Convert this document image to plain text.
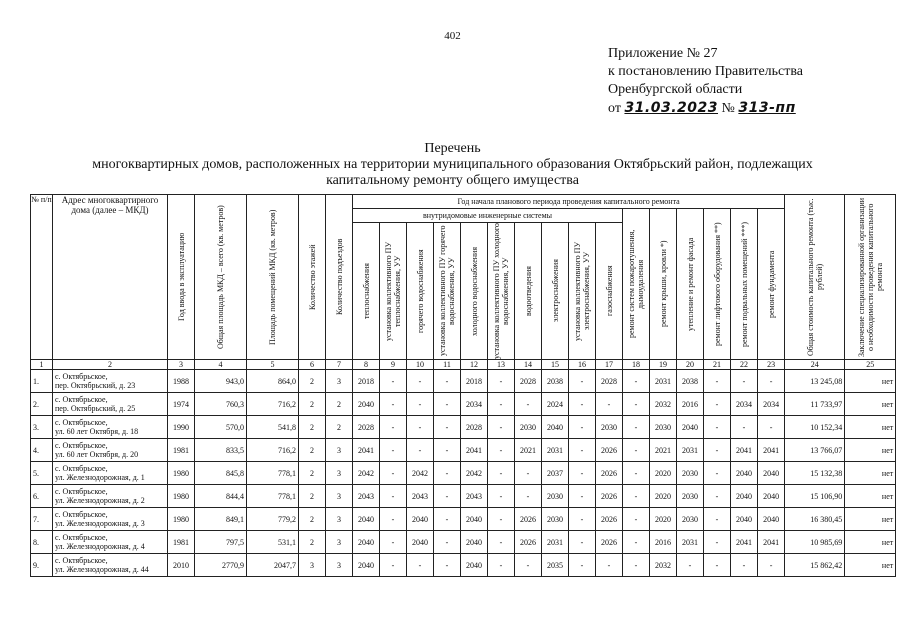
402
Приложение № 27
к постановлению Правительства
Оренбургской области
от 31.03.2023 № 313-пп
Перечень
многоквартирных домов, расположенных на территории муниципального образования Октябрьский район, подлежащих
капитальному ремонту общего имущества
№ п/п	Адрес многоквартирного дома (далее – МКД)	Год ввода в эксплуатацию	Общая площадь МКД – всего (кв. метров)	Площадь помещений МКД (кв. метров)	Количество этажей	Количество подъездов	Год начала планового периода проведения капитального ремонта																Общая стоимость капитального ремонта (тыс. рублей)	Заключение специализированной организации о необходимости проведения капитального ремонта

							внутридомовые инженерные системы										ремонт систем пожаротушения, дымоудаления	ремонт крыши, кровли *)	утепление и ремонт фасада	ремонт лифтового оборудования **)	ремонт подвальных помещений ***)	ремонт фундамента		

							теплоснабжения	установка коллективного ПУ теплоснабжения, УУ	горячего водоснабжения	установка коллективного ПУ горячего водоснабжения, УУ	холодного водоснабжения	установка коллективного ПУ холодного водоснабжения, УУ	водоотведения	электроснабжения	установка коллективного ПУ электроснабжения, УУ	газоснабжения								

1	2	3	4	5	6	7	8	9	10	11	12	13	14	15	16	17	18	19	20	21	22	23	24	25
1.	с. Октябрьское,
пер. Октябрьский, д. 23	1988	943,0	864,0	2	3	2018	-	-	-	2018	-	2028	2038	-	2028	-	2031	2038	-	-	-	13 245,08	нет
2.	с. Октябрьское,
пер. Октябрьский, д. 25	1974	760,3	716,2	2	2	2040	-	-	-	2034	-	-	2024	-	-	-	2032	2016	-	2034	2034	11 733,97	нет
3.	с. Октябрьское,
ул. 60 лет Октября, д. 18	1990	570,0	541,8	2	2	2028	-	-	-	2028	-	2030	2040	-	2030	-	2030	2040	-	-	-	10 152,34	нет
4.	с. Октябрьское,
ул. 60 лет Октября, д. 20	1981	833,5	716,2	2	3	2041	-	-	-	2041	-	2021	2031	-	2026	-	2021	2031	-	2041	2041	13 766,07	нет
5.	с. Октябрьское,
ул. Железнодорожная, д. 1	1980	845,8	778,1	2	3	2042	-	2042	-	2042	-	-	2037	-	2026	-	2020	2030	-	2040	2040	15 132,38	нет
6.	с. Октябрьское,
ул. Железнодорожная, д. 2	1980	844,4	778,1	2	3	2043	-	2043	-	2043	-	-	2030	-	2026	-	2020	2030	-	2040	2040	15 106,90	нет
7.	с. Октябрьское,
ул. Железнодорожная, д. 3	1980	849,1	779,2	2	3	2040	-	2040	-	2040	-	2026	2030	-	2026	-	2020	2030	-	2040	2040	16 380,45	нет
8.	с. Октябрьское,
ул. Железнодорожная, д. 4	1981	797,5	531,1	2	3	2040	-	2040	-	2040	-	2026	2031	-	2026	-	2016	2031	-	2041	2041	10 985,69	нет
9.	с. Октябрьское,
ул. Железнодорожная, д. 44	2010	2770,9	2047,7	3	3	2040	-	-	-	2040	-	-	2035	-	-	-	2032	-	-	-	-	15 862,42	нет
